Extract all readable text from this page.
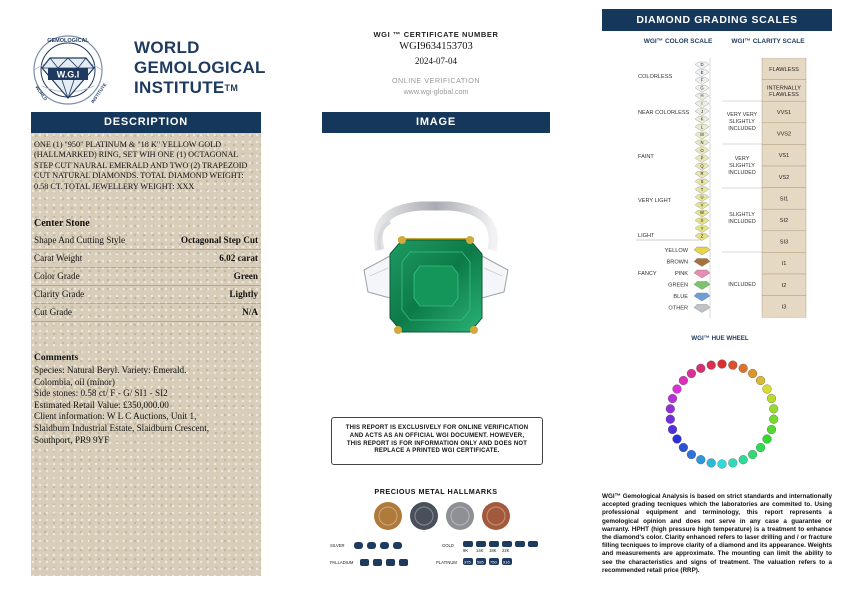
W.G.I
GEMOLOGICAL
INSTITUTE
WORLD
WORLD
GEMOLOGICAL
INSTITUTE™
DESCRIPTION
ONE (1) "950" PLATINUM & "18 K" YELLOW GOLD (HALLMARKED) RING, SET WIH ONE (1) OCTAGONAL STEP CUT NAURAL EMERALD AND TWO (2) TRAPEZOID CUT NATURAL DIAMONDS. TOTAL DIAMOND WEIGHT: 0.58 CT. TOTAL JEWELLERY WEIGHT: XXX
Center Stone
Shape And Cutting Style	Octagonal Step Cut
Carat Weight	6.02 carat
Color Grade	Green
Clarity Grade	Lightly
Cut Grade	N/A
Comments
Species: Natural Beryl. Variety: Emerald.
Colombia, oil (minor)
Side stones: 0.58 ct/ F - G/ SI1 - SI2
Estimated Retail Value: £350,000.00
Client information: W L C Auctions, Unit 1,
Slaidburn Industrial Estate, Slaidburn Crescent,
Southport, PR9 9YF
WGI ™ CERTIFICATE NUMBER
WGI9634153703
2024-07-04
ONLINE VERIFICATION
www.wgi-global.com
IMAGE
THIS REPORT IS EXCLUSIVELY FOR ONLINE VERIFICATION AND ACTS AS AN OFFICIAL WGI DOCUMENT. HOWEVER, THIS REPORT IS FOR INFORMATION ONLY AND DOES NOT REPLACE A PRINTED WGI CERTIFICATE.
PRECIOUS METAL HALLMARKS
SILVER
PALLADIUM
GOLD
9K 14K 18K 22K
PLATINUM 375 585 750 916
DIAMOND GRADING SCALES
WGI™ COLOR SCALE	WGI™ CLARITY SCALE
COLORLESS
NEAR COLORLESS
FAINT
VERY LIGHT
LIGHT
FANCY
D
E
F
G
H
I
J
K
L
M
N
O
P
Q
R
S
T
U
V
W
X
Y
Z
YELLOW
BROWN
PINK
GREEN
BLUE
OTHER
FLAWLESS
INTERNALLY FLAWLESS
VVS1
VVS2
VS1
VS2
SI1
SI2
SI3
I1
I2
I3
VERY VERY SLIGHTLY INCLUDED
VERY SLIGHTLY INCLUDED
SLIGHTLY INCLUDED
INCLUDED
WGI™ HUE WHEEL
WGI™ Gemological Analysis is based on strict standards and internationally accepted grading tecniques which the laboratories are commited to. Using professional equipment and terminology, this report represents a gemological opinion and does not serve in any case a guarantee or warranty. HPHT (high pressure high temperature) is a treatment to enhance the diamond's color. Clarity enhanced refers to laser drilling and / or fracture filling tecniques to improve clarity of a diamond and its appearance. Weights and measurements are approximate. The mounting can limit the ability to see the characteristics and signs of treatment. The valuation refers to a recommended retail price (RRP).
